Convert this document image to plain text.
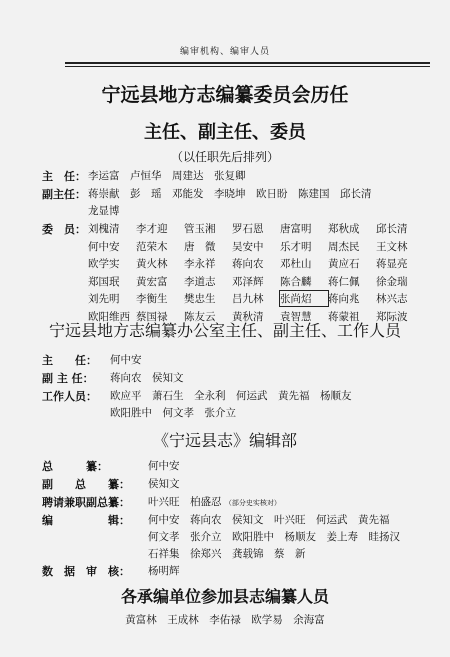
编审机构、编审人员
宁远县地方志编纂委员会历任
主任、副主任、委员
（以任职先后排列）
主　任： 李运富　卢恒华　周建达　张复卿
副主任： 蒋崇献　彭　瑶　邓能发　李晓坤　欧日盼　陈建国　邱长清
龙显博
委　员： 刘槐清 李才迎 管玉湘 罗石恩 唐富明 郑秋成 邱长清
何中安 范荣木 唐　微 吴安中 乐才明 周杰民 王文林
欧学实 黄火林 李永祥 蒋向农 邓杜山 黄应石 蒋显亮
郑国珉 黄宏富 李道志 邓泽辉 陈合麟 蒋仁佩 徐金瑞
刘先明 李衡生 樊忠生 吕九林 张尚炤 蒋向兆 林兴志
欧阳维西 蔡国禄 陈友云 黄秋清 袁智慧 蒋蒙祖 郑际波
宁远县地方志编纂办公室主任、副主任、工作人员
主　　任： 何中安
副 主 任： 蒋向农　侯知文
工作人员： 欧应平　萧石生　全永利　何运武　黄先福　杨顺友
欧阳胜中　何文孝　张介立
《宁远县志》编辑部
总　　　纂：	何中安
副　　总　　纂： 侯知文
聘请兼职副总纂： 叶兴旺　柏盛忍 （部分史实核对）
编　　　　　辑： 何中安　蒋向农　侯知文　叶兴旺　何运武　黄先福
何文孝　张介立　欧阳胜中　杨顺友　姜上寿　眭扬汉
石祥集　徐郑兴　龚载锦　蔡　新
数　据　审　核：
各承编单位参加县志编纂人员
黄富林　王成林　李佑禄　欧学易　余海富
杨明辉
